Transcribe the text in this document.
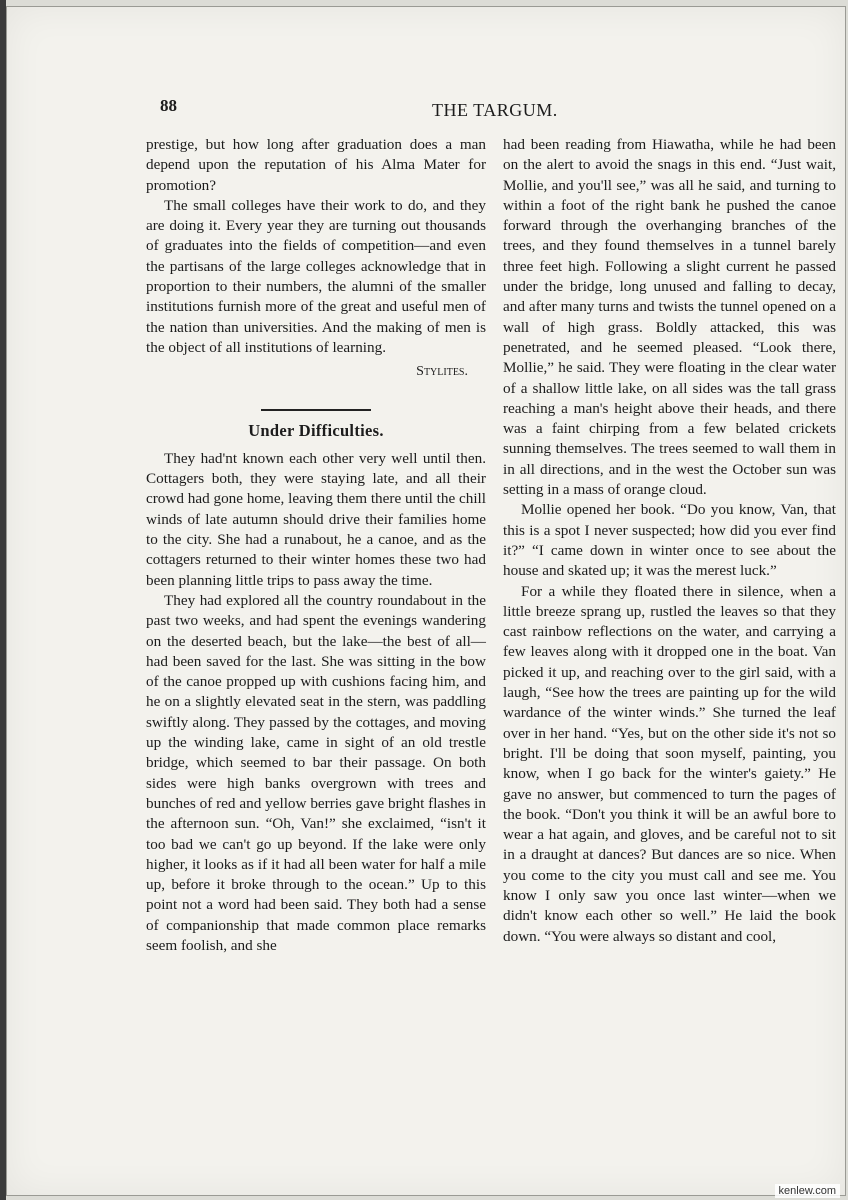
88	THE TARGUM.

prestige, but how long after graduation does a man depend upon the reputation of his Alma Mater for promotion?

The small colleges have their work to do, and they are doing it. Every year they are turning out thousands of graduates into the fields of competition—and even the partisans of the large colleges acknowledge that in proportion to their numbers, the alumni of the smaller institutions furnish more of the great and useful men of the nation than universities. And the making of men is the object of all institutions of learning.

Stylites.
Under Difficulties.

They had'nt known each other very well until then. Cottagers both, they were staying late, and all their crowd had gone home, leaving them there until the chill winds of late autumn should drive their families home to the city. She had a runabout, he a canoe, and as the cottagers returned to their winter homes these two had been planning little trips to pass away the time.

They had explored all the country roundabout in the past two weeks, and had spent the evenings wandering on the deserted beach, but the lake—the best of all—had been saved for the last. She was sitting in the bow of the canoe propped up with cushions facing him, and he on a slightly elevated seat in the stern, was paddling swiftly along. They passed by the cottages, and moving up the winding lake, came in sight of an old trestle bridge, which seemed to bar their passage. On both sides were high banks overgrown with trees and bunches of red and yellow berries gave bright flashes in the afternoon sun. “Oh, Van!” she exclaimed, “isn't it too bad we can't go up beyond. If the lake were only higher, it looks as if it had all been water for half a mile up, before it broke through to the ocean.” Up to this point not a word had been said. They both had a sense of companionship that made common place remarks seem foolish, and she

had been reading from Hiawatha, while he had been on the alert to avoid the snags in this end. “Just wait, Mollie, and you'll see,” was all he said, and turning to within a foot of the right bank he pushed the canoe forward through the overhanging branches of the trees, and they found themselves in a tunnel barely three feet high. Following a slight current he passed under the bridge, long unused and falling to decay, and after many turns and twists the tunnel opened on a wall of high grass. Boldly attacked, this was penetrated, and he seemed pleased. “Look there, Mollie,” he said. They were floating in the clear water of a shallow little lake, on all sides was the tall grass reaching a man's height above their heads, and there was a faint chirping from a few belated crickets sunning themselves. The trees seemed to wall them in in all directions, and in the west the October sun was setting in a mass of orange cloud.

Mollie opened her book. “Do you know, Van, that this is a spot I never suspected; how did you ever find it?” “I came down in winter once to see about the house and skated up; it was the merest luck.”

For a while they floated there in silence, when a little breeze sprang up, rustled the leaves so that they cast rainbow reflections on the water, and carrying a few leaves along with it dropped one in the boat. Van picked it up, and reaching over to the girl said, with a laugh, “See how the trees are painting up for the wild wardance of the winter winds.” She turned the leaf over in her hand. “Yes, but on the other side it's not so bright. I'll be doing that soon myself, painting, you know, when I go back for the winter's gaiety.” He gave no answer, but commenced to turn the pages of the book. “Don't you think it will be an awful bore to wear a hat again, and gloves, and be careful not to sit in a draught at dances? But dances are so nice. When you come to the city you must call and see me. You know I only saw you once last winter—when we didn't know each other so well.” He laid the book down. “You were always so distant and cool,

kenlew.com
